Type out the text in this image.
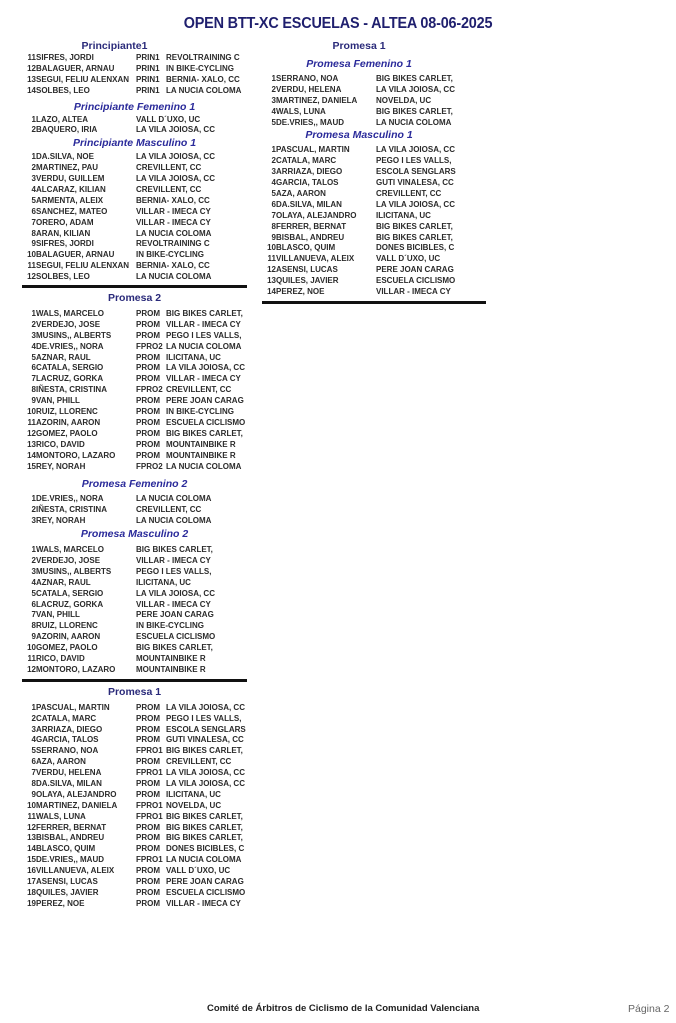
OPEN BTT-XC ESCUELAS - ALTEA 08-06-2025
Principiante1
11 SIFRES, JORDI	PRIN1 REVOLTRAINING C
12 BALAGUER, ARNAU	PRIN1 IN BIKE-CYCLING
13 SEGUI, FELIU ALENXAN PRIN1 BERNIA- XALO, CC
14 SOLBES, LEO	PRIN1 LA NUCIA COLOMA
Principiante Femenino 1
1 LAZO, ALTEA	VALL D´UXO, UC
2 BAQUERO, IRIA	LA VILA JOIOSA, CC
Principiante Masculino 1
1 DA.SILVA, NOE	LA VILA JOIOSA, CC
2 MARTINEZ, PAU	CREVILLENT, CC
3 VERDU, GUILLEM	LA VILA JOIOSA, CC
4 ALCARAZ, KILIAN	CREVILLENT, CC
5 ARMENTA, ALEIX	BERNIA- XALO, CC
6 SANCHEZ, MATEO	VILLAR - IMECA CY
7 ORERO, ADAM	VILLAR - IMECA CY
8 ARAN, KILIAN	LA NUCIA COLOMA
9 SIFRES, JORDI	REVOLTRAINING C
10 BALAGUER, ARNAU	IN BIKE-CYCLING
11 SEGUI, FELIU ALENXAN BERNIA- XALO, CC
12 SOLBES, LEO	LA NUCIA COLOMA
Promesa 2
1 WALS, MARCELO	PROM BIG BIKES CARLET,
2 VERDEJO, JOSE	PROM VILLAR - IMECA CY
3 MUSINS,, ALBERTS	PROM PEGO I LES VALLS,
4 DE.VRIES,, NORA	FPRO2 LA NUCIA COLOMA
5 AZNAR, RAUL	PROM ILICITANA, UC
6 CATALA, SERGIO	PROM LA VILA JOIOSA, CC
7 LACRUZ, GORKA	PROM VILLAR - IMECA CY
8 IÑESTA, CRISTINA	FPRO2 CREVILLENT, CC
9 VAN, PHILL	PROM PERE JOAN CARAG
10 RUIZ, LLORENC	PROM IN BIKE-CYCLING
11 AZORIN, AARON	PROM ESCUELA CICLISMO
12 GOMEZ, PAOLO	PROM BIG BIKES CARLET,
13 RICO, DAVID	PROM MOUNTAINBIKE R
14 MONTORO, LAZARO	PROM MOUNTAINBIKE R
15 REY, NORAH	FPRO2 LA NUCIA COLOMA
Promesa Femenino 2
1 DE.VRIES,, NORA	LA NUCIA COLOMA
2 IÑESTA, CRISTINA	CREVILLENT, CC
3 REY, NORAH	LA NUCIA COLOMA
Promesa Masculino 2
1 WALS, MARCELO	BIG BIKES CARLET,
2 VERDEJO, JOSE	VILLAR - IMECA CY
3 MUSINS,, ALBERTS	PEGO I LES VALLS,
4 AZNAR, RAUL	ILICITANA, UC
5 CATALA, SERGIO	LA VILA JOIOSA, CC
6 LACRUZ, GORKA	VILLAR - IMECA CY
7 VAN, PHILL	PERE JOAN CARAG
8 RUIZ, LLORENC	IN BIKE-CYCLING
9 AZORIN, AARON	ESCUELA CICLISMO
10 GOMEZ, PAOLO	BIG BIKES CARLET,
11 RICO, DAVID	MOUNTAINBIKE R
12 MONTORO, LAZARO	MOUNTAINBIKE R
Promesa 1
1 PASCUAL, MARTIN	PROM LA VILA JOIOSA, CC
2 CATALA, MARC	PROM PEGO I LES VALLS,
3 ARRIAZA, DIEGO	PROM ESCOLA SENGLARS
4 GARCIA, TALOS	PROM GUTI VINALESA, CC
5 SERRANO, NOA	FPRO1 BIG BIKES CARLET,
6 AZA, AARON	PROM CREVILLENT, CC
7 VERDU, HELENA	FPRO1 LA VILA JOIOSA, CC
8 DA.SILVA, MILAN	PROM LA VILA JOIOSA, CC
9 OLAYA, ALEJANDRO PROM ILICITANA, UC
10 MARTINEZ, DANIELA FPRO1 NOVELDA, UC
11 WALS, LUNA	FPRO1 BIG BIKES CARLET,
12 FERRER, BERNAT	PROM BIG BIKES CARLET,
13 BISBAL, ANDREU	PROM BIG BIKES CARLET,
14 BLASCO, QUIM	PROM DONES BICIBLES, C
15 DE.VRIES,, MAUD	FPRO1 LA NUCIA COLOMA
16 VILLANUEVA, ALEIX	PROM VALL D´UXO, UC
17 ASENSI, LUCAS	PROM PERE JOAN CARAG
18 QUILES, JAVIER	PROM ESCUELA CICLISMO
19 PEREZ, NOE	PROM VILLAR - IMECA CY
Promesa 1
Promesa Femenino 1
1 SERRANO, NOA	BIG BIKES CARLET,
2 VERDU, HELENA	LA VILA JOIOSA, CC
3 MARTINEZ, DANIELA NOVELDA, UC
4 WALS, LUNA	BIG BIKES CARLET,
5 DE.VRIES,, MAUD	LA NUCIA COLOMA
Promesa Masculino 1
1 PASCUAL, MARTIN	LA VILA JOIOSA, CC
2 CATALA, MARC	PEGO I LES VALLS,
3 ARRIAZA, DIEGO	ESCOLA SENGLARS
4 GARCIA, TALOS	GUTI VINALESA, CC
5 AZA, AARON	CREVILLENT, CC
6 DA.SILVA, MILAN	LA VILA JOIOSA, CC
7 OLAYA, ALEJANDRO ILICITANA, UC
8 FERRER, BERNAT	BIG BIKES CARLET,
9 BISBAL, ANDREU	BIG BIKES CARLET,
10 BLASCO, QUIM	DONES BICIBLES, C
11 VILLANUEVA, ALEIX	VALL D´UXO, UC
12 ASENSI, LUCAS	PERE JOAN CARAG
13 QUILES, JAVIER	ESCUELA CICLISMO
14 PEREZ, NOE	VILLAR - IMECA CY
Comité de Árbitros de Ciclismo de la Comunidad Valenciana	Página 2
